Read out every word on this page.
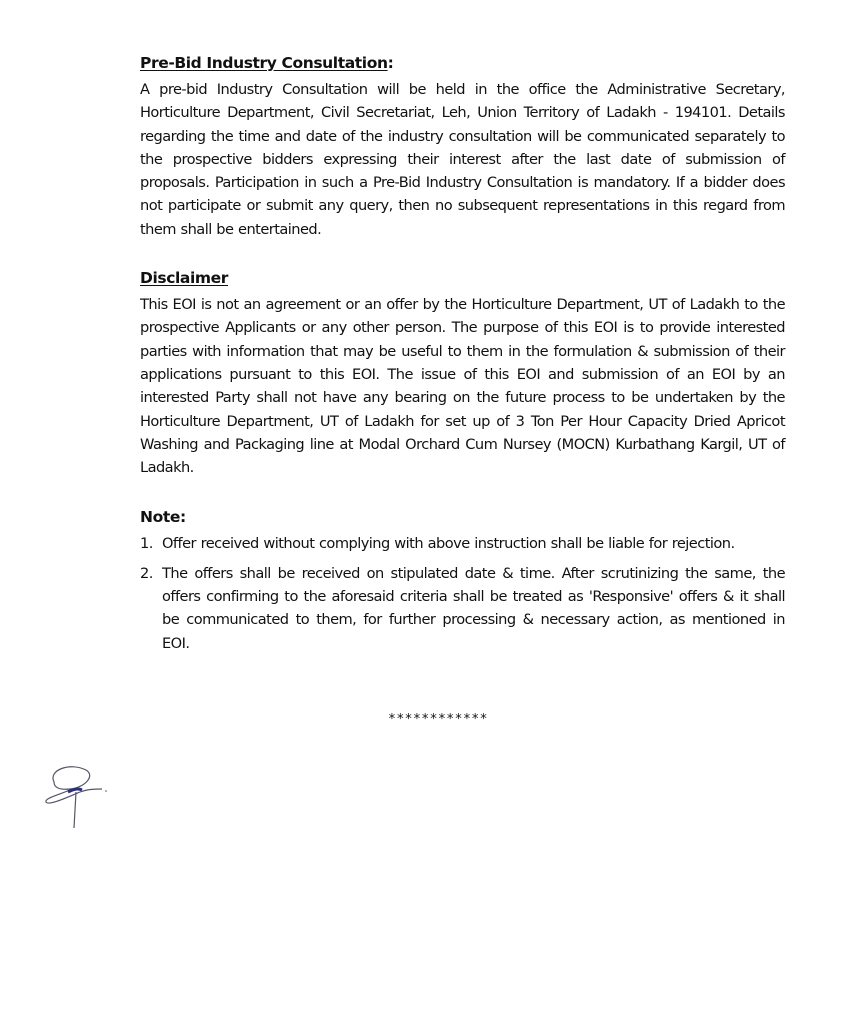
Pre-Bid Industry Consultation:

A pre-bid Industry Consultation will be held in the office the Administrative Secretary, Horticulture Department, Civil Secretariat, Leh, Union Territory of Ladakh - 194101. Details regarding the time and date of the industry consultation will be communicated separately to the prospective bidders expressing their interest after the last date of submission of proposals. Participation in such a Pre-Bid Industry Consultation is mandatory. If a bidder does not participate or submit any query, then no subsequent representations in this regard from them shall be entertained.

Disclaimer

This EOI is not an agreement or an offer by the Horticulture Department, UT of Ladakh to the prospective Applicants or any other person. The purpose of this EOI is to provide interested parties with information that may be useful to them in the formulation & submission of their applications pursuant to this EOI. The issue of this EOI and submission of an EOI by an interested Party shall not have any bearing on the future process to be undertaken by the Horticulture Department, UT of Ladakh for set up of 3 Ton Per Hour Capacity Dried Apricot Washing and Packaging line at Modal Orchard Cum Nursey (MOCN) Kurbathang Kargil, UT of Ladakh.

Note:
1. Offer received without complying with above instruction shall be liable for rejection.
2. The offers shall be received on stipulated date & time. After scrutinizing the same, the offers confirming to the aforesaid criteria shall be treated as 'Responsive' offers & it shall be communicated to them, for further processing & necessary action, as mentioned in EOI.
************
